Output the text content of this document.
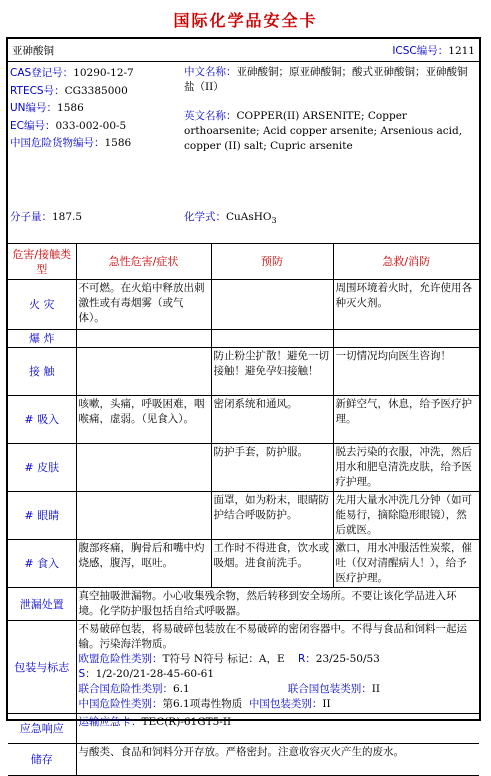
国际化学品安全卡
亚砷酸铜	ICSC编号：1211
CAS登记号：10290-12-7
RTECS号：CG3385000
UN编号：1586
EC编号：033-002-00-5
中国危险货物编号：1586
中文名称：亚砷酸铜；原亚砷酸铜；酸式亚砷酸铜；亚砷酸铜盐（II）
英文名称：COPPER(II) ARSENITE; Copper orthoarsenite; Acid copper arsenite; Arsenious acid, copper (II) salt; Cupric arsenite
分子量：187.5	化学式：CuAsHO$_3$
危害/接触类型	急性危害/症状	预防	急救/消防
火 灾	不可燃。在火焰中释放出刺激性或有毒烟雾（或气体）。		周围环境着火时，允许使用各种灭火剂。
爆 炸			
接 触		防止粉尘扩散！避免一切接触！避免孕妇接触！	一切情况均向医生咨询！
# 吸入	咳嗽，头痛，呼吸困难，咽喉痛，虚弱。（见食入）。	密闭系统和通风。	新鲜空气，休息，给予医疗护理。
# 皮肤		防护手套，防护服。	脱去污染的衣服，冲洗，然后用水和肥皂清洗皮肤，给予医疗护理。
# 眼睛		面罩，如为粉末，眼睛防护结合呼吸防护。	先用大量水冲洗几分钟（如可能易行，摘除隐形眼镜），然后就医。
# 食入	腹部疼痛，胸骨后和嘴中灼烧感，腹泻，呕吐。	工作时不得进食，饮水或吸烟。进食前洗手。	漱口，用水冲服活性炭浆，催吐（仅对清醒病人！），给予医疗护理。
泄漏处置	真空抽吸泄漏物。小心收集残余物，然后转移到安全场所。不要让该化学品进入环境。化学防护服包括自给式呼吸器。		
包装与标志	不易破碎包装，将易破碎包装放在不易破碎的密闭容器中。不得与食品和饲料一起运输。污染海洋物质。
欧盟危险性类别：T符号 N符号 标记：A，E R：23/25-50/53
S：1/2-20/21-28-45-60-61
联合国危险性类别：6.1 联合国包装类别：II
中国危险性类别：第6.1项毒性物质 中国包装类别：II		

应急响应	运输应急卡：TEC(R)-61GT5-II		
储存	与酸类、食品和饲料分开存放。严格密封。注意收容灭火产生的废水。		
